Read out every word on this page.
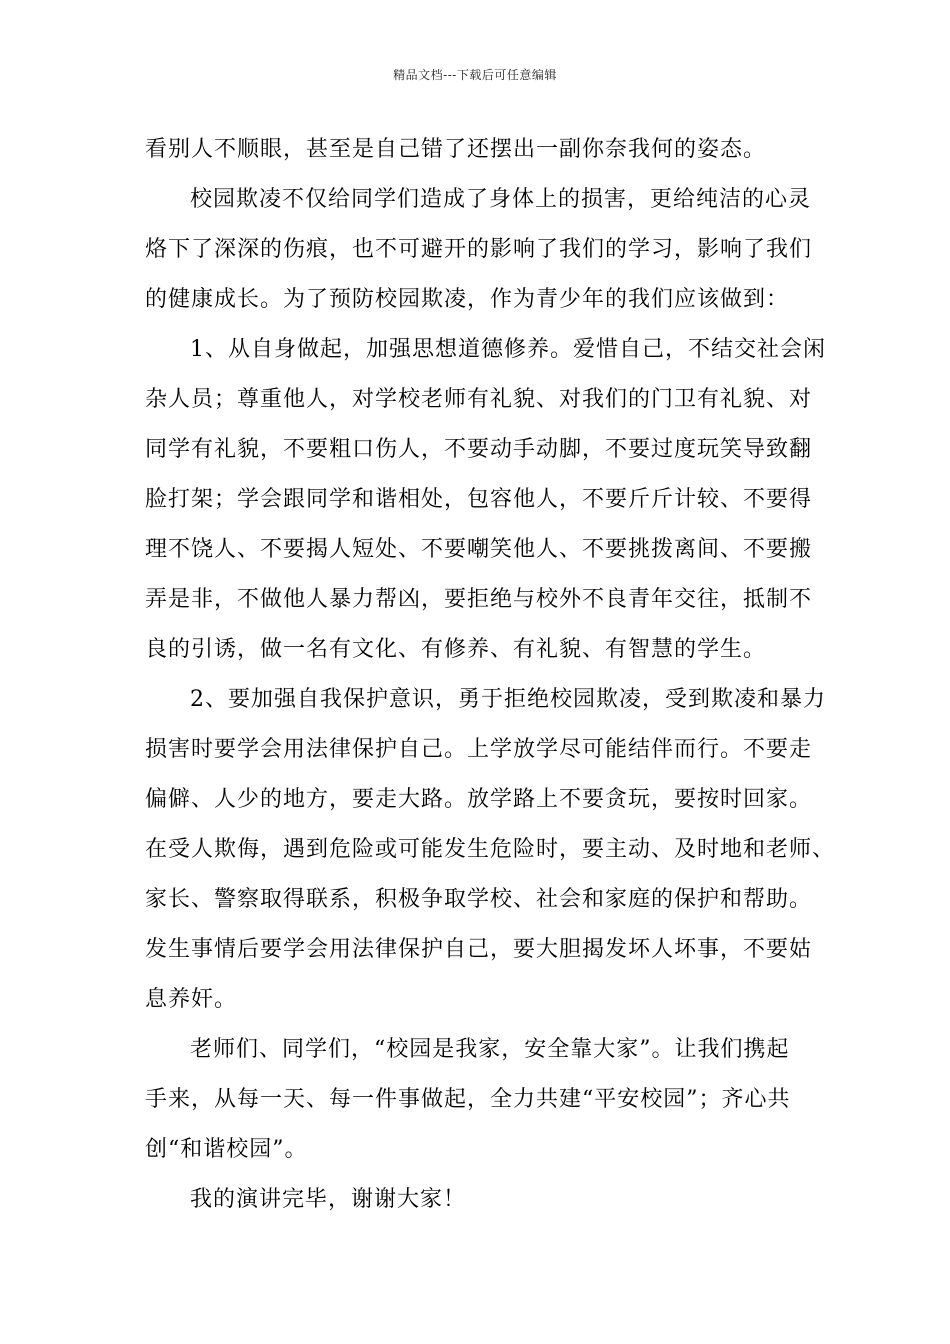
精品文档---下载后可任意编辑
看别人不顺眼，甚至是自己错了还摆出一副你奈我何的姿态。
校园欺凌不仅给同学们造成了身体上的损害，更给纯洁的心灵
烙下了深深的伤痕，也不可避开的影响了我们的学习，影响了我们
的健康成长。为了预防校园欺凌，作为青少年的我们应该做到：
1、从自身做起，加强思想道德修养。爱惜自己，不结交社会闲
杂人员；尊重他人，对学校老师有礼貌、对我们的门卫有礼貌、对
同学有礼貌，不要粗口伤人，不要动手动脚，不要过度玩笑导致翻
脸打架；学会跟同学和谐相处，包容他人，不要斤斤计较、不要得
理不饶人、不要揭人短处、不要嘲笑他人、不要挑拨离间、不要搬
弄是非，不做他人暴力帮凶，要拒绝与校外不良青年交往，抵制不
良的引诱，做一名有文化、有修养、有礼貌、有智慧的学生。
2、要加强自我保护意识，勇于拒绝校园欺凌，受到欺凌和暴力
损害时要学会用法律保护自己。上学放学尽可能结伴而行。不要走
偏僻、人少的地方，要走大路。放学路上不要贪玩，要按时回家。
在受人欺侮，遇到危险或可能发生危险时，要主动、及时地和老师、
家长、警察取得联系，积极争取学校、社会和家庭的保护和帮助。
发生事情后要学会用法律保护自己，要大胆揭发坏人坏事，不要姑
息养奸。
老师们、同学们，“校园是我家，安全靠大家”。让我们携起
手来，从每一天、每一件事做起，全力共建“平安校园”；齐心共
创“和谐校园”。
我的演讲完毕，谢谢大家！
